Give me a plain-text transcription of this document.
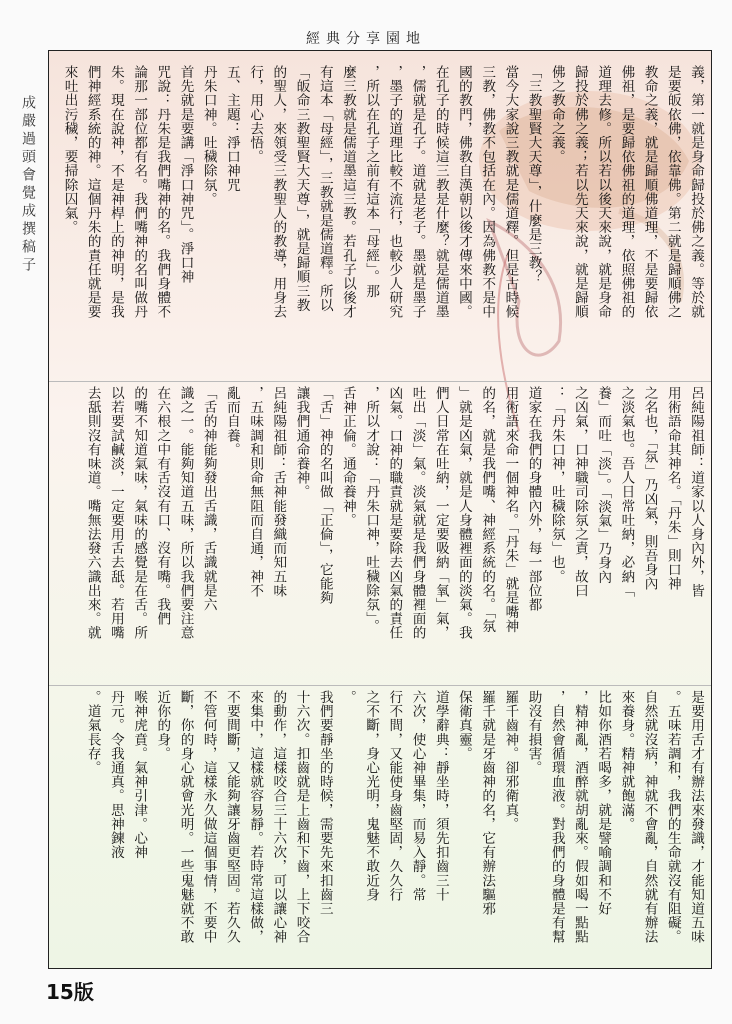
經典分享園地
成嚴過頭會覺成撰稿子	義，第一就是身命歸投於佛之義。等於就
是要皈依佛，依靠佛。第二就是歸順佛之
教命之義，就是歸順佛道理，不是要歸依
佛祖，是要歸依佛祖的道理，依照佛祖的
道理去修。所以若以後天來說，就是身命
歸投於佛之義；若以先天來說，就是歸順
佛之教命之義。
「三教聖賢大天尊」，什麼是三教？
當今大家說三教就是儒道釋。但是古時候
三教，佛教不包括在內。因為佛教不是中
國的教門，佛教自漢朝以後才傳來中國。
在孔子的時候這三教是什麼？就是儒道墨
，儒就是孔子。道就是老子。墨就是墨子
，墨子的道理比較不流行，也較少人研究
，所以在孔子之前有這本「母經」。那
麼三教就是儒道墨這三教。若孔子以後才
有這本「母經」，三教就是儒道釋。所以
「皈命三教聖賢大天尊」，就是歸順三教
的聖人，來領受三教聖人的教導，用身去
行，用心去悟。
五、主題：淨口神咒
丹朱口神。吐穢除氛。
首先就是要講「淨口神咒」。淨口神
咒說：丹朱是我們嘴神的名。我們身體不
論那一部位都有名。我們嘴神的名叫做丹
朱。現在說神，不是神桿上的神明，是我
們神經系統的神。這個丹朱的責任就是要
來吐出污穢，要掃除囚氣。
呂純陽祖師：道家以人身內外，皆
用術語命其神名。「丹朱」則口神
之名也，「氛」乃凶氣，則吾身內
之淡氣也。吾人日常吐納，必納「
養」而吐「淡」。「淡氣」乃身內
之凶氣，口神職司除氛之責，故曰
：「丹朱口神，吐穢除氛」也。
道家在我們的身體內外，每一部位都
用術語來命一個神名。「丹朱」就是嘴神
的名，就是我們嘴、神經系統的名。「氛
」就是凶氣，就是人身體裡面的淡氣。我
們人日常在吐納，一定要吸納「氧」氣，
吐出「淡」氣。淡氣就是我們身體裡面的
凶氣。口神的職責就是要除去凶氣的責任
，所以才說：「丹朱口神，吐穢除氛」。
舌神正倫。通命養神。
「舌」神的名叫做「正倫」，它能夠
讓我們通命養神。
呂純陽祖師：舌神能發織而知五味
，五味調和則命無阻而自通，神不
亂而自養。
「舌的神能夠發出舌識，舌識就是六
識之一。能夠知道五味，所以我們要注意
在六根之中有舌沒有口、沒有嘴。我們
的嘴不知道氣味，氣味的感覺是在舌。所
以若要試鹹淡，一定要用舌去舐。若用嘴
去舐則沒有味道。嘴無法發六識出來。就
是要用舌才有辦法來發識，才能知道五味
。五味若調和，我們的生命就沒有阻礙。
自然就沒病，神就不會亂，自然就有辦法
來養身。精神就飽滿。
比如你酒若喝多，就是譬喻調和不好
，精神亂，酒醉就胡亂來。假如喝一點點
，自然會循環血液。對我們的身體是有幫
助沒有損害。
羅千齒神。卻邪衛真。
羅千就是牙齒神的名，它有辦法驅邪
保衛真靈。
道學辭典：靜坐時，須先扣齒三十
六次，使心神畢集，而易入靜。常
行不間，又能使身齒堅固，久久行
之不斷，身心光明，鬼魅不敢近身
。
我們要靜坐的時候，需要先來扣齒三
十六次。扣齒就是上齒和下齒，上下咬合
的動作，這樣咬合三十六次，可以讓心神
來集中，這樣就容易靜。若時常這樣做，
不要間斷，又能夠讓牙齒更堅固。若久久
不管何時，這樣永久做這個事情，不要中
斷，你的身心就會光明。一些鬼魅就不敢
近你的身。
喉神虎賁。氣神引津。心神
丹元。令我通真。思神鍊液
。道氣長存。
15版
